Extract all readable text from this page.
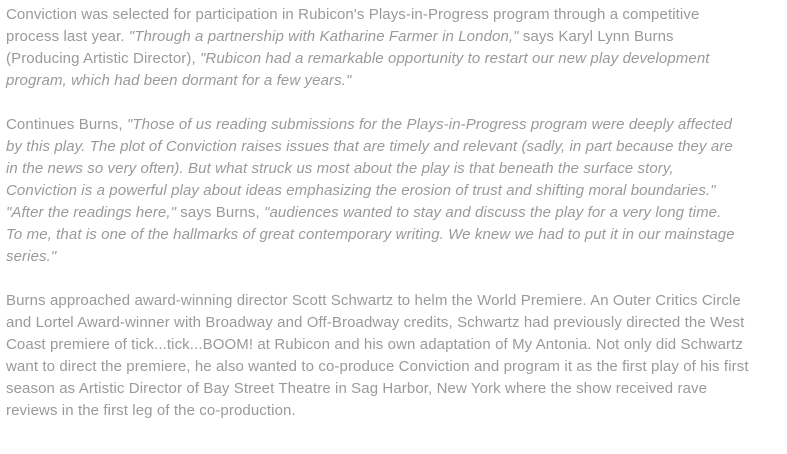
Conviction was selected for participation in Rubicon's Plays-in-Progress program through a competitive
process last year. "Through a partnership with Katharine Farmer in London," says Karyl Lynn Burns
(Producing Artistic Director), "Rubicon had a remarkable opportunity to restart our new play development
program, which had been dormant for a few years."
Continues Burns, "Those of us reading submissions for the Plays-in-Progress program were deeply affected
by this play. The plot of Conviction raises issues that are timely and relevant (sadly, in part because they are
in the news so very often). But what struck us most about the play is that beneath the surface story,
Conviction is a powerful play about ideas emphasizing the erosion of trust and shifting moral boundaries."
"After the readings here," says Burns, "audiences wanted to stay and discuss the play for a very long time.
To me, that is one of the hallmarks of great contemporary writing. We knew we had to put it in our mainstage
series."
Burns approached award-winning director Scott Schwartz to helm the World Premiere. An Outer Critics Circle
and Lortel Award-winner with Broadway and Off-Broadway credits, Schwartz had previously directed the West
Coast premiere of tick...tick...BOOM! at Rubicon and his own adaptation of My Antonia. Not only did Schwartz
want to direct the premiere, he also wanted to co-produce Conviction and program it as the first play of his first
season as Artistic Director of Bay Street Theatre in Sag Harbor, New York where the show received rave
reviews in the first leg of the co-production.
